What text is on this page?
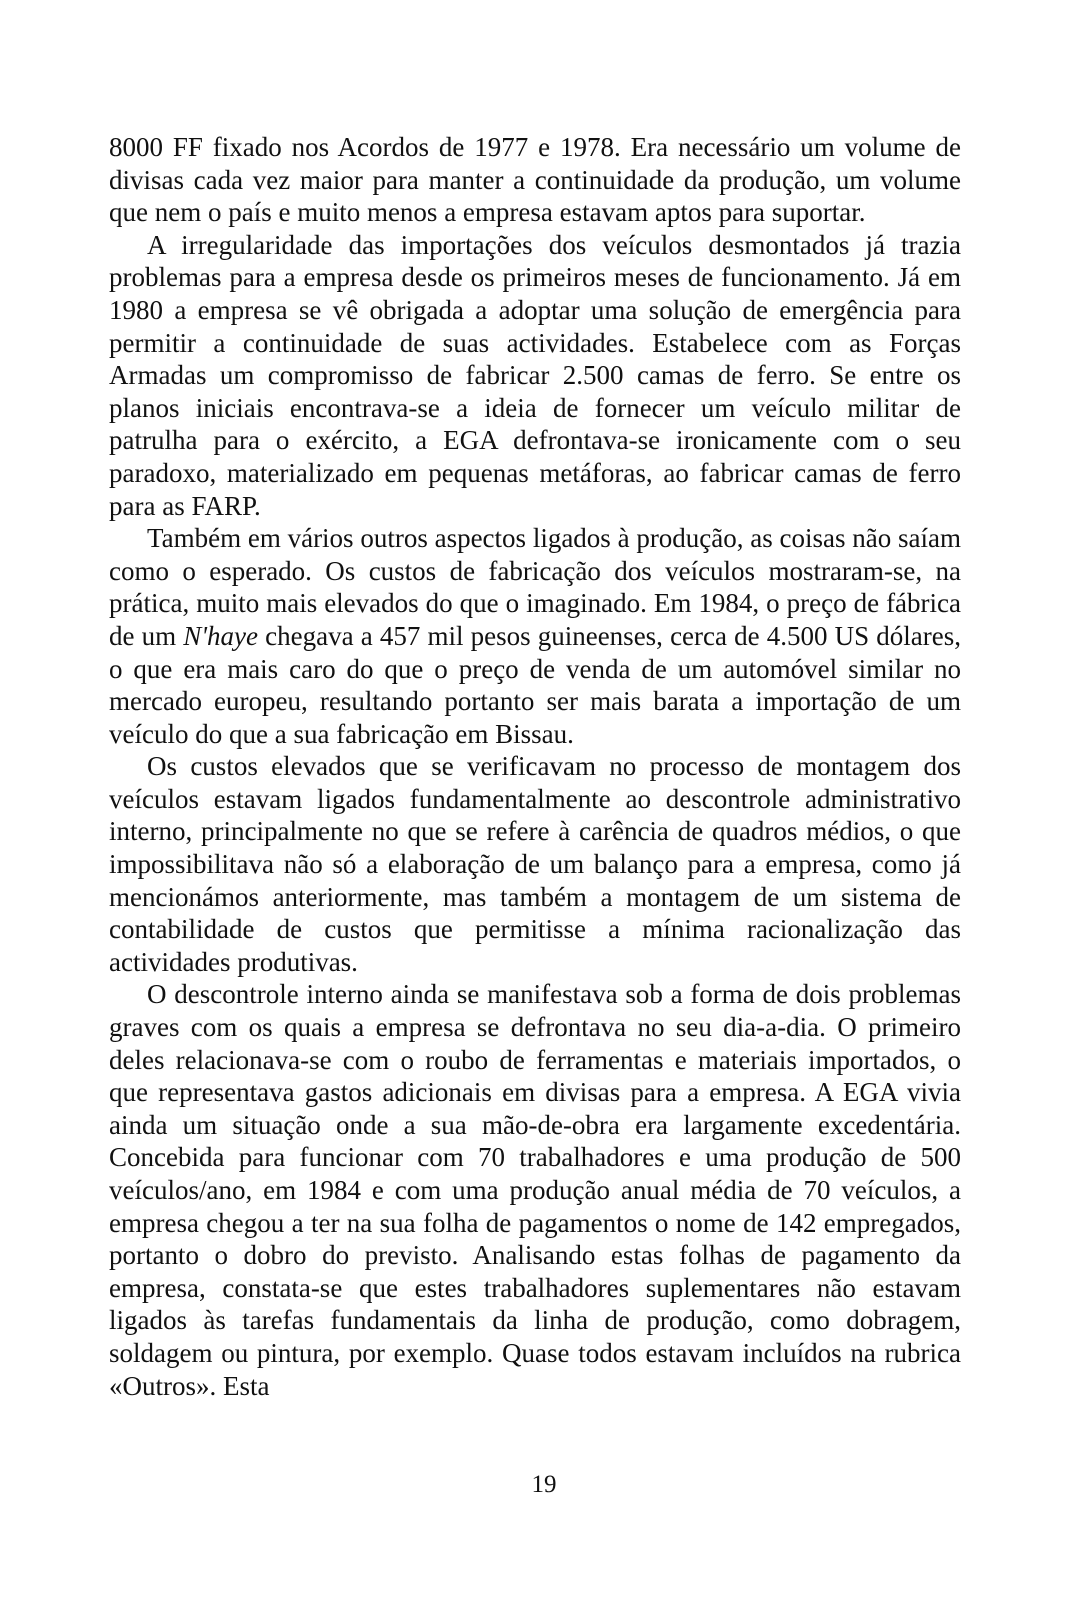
8000 FF fixado nos Acordos de 1977 e 1978. Era necessário um volume de divisas cada vez maior para manter a continuidade da produção, um volume que nem o país e muito menos a empresa estavam aptos para suportar.

A irregularidade das importações dos veículos desmontados já trazia problemas para a empresa desde os primeiros meses de funcionamento. Já em 1980 a empresa se vê obrigada a adoptar uma solução de emergência para permitir a continuidade de suas actividades. Estabelece com as Forças Armadas um compromisso de fabricar 2.500 camas de ferro. Se entre os planos iniciais encontrava-se a ideia de fornecer um veículo militar de patrulha para o exército, a EGA defrontava-se ironicamente com o seu paradoxo, materializado em pequenas metáforas, ao fabricar camas de ferro para as FARP.

Também em vários outros aspectos ligados à produção, as coisas não saíam como o esperado. Os custos de fabricação dos veículos mostraram-se, na prática, muito mais elevados do que o imaginado. Em 1984, o preço de fábrica de um N'haye chegava a 457 mil pesos guineenses, cerca de 4.500 US dólares, o que era mais caro do que o preço de venda de um automóvel similar no mercado europeu, resultando portanto ser mais barata a importação de um veículo do que a sua fabricação em Bissau.

Os custos elevados que se verificavam no processo de montagem dos veículos estavam ligados fundamentalmente ao descontrole administrativo interno, principalmente no que se refere à carência de quadros médios, o que impossibilitava não só a elaboração de um balanço para a empresa, como já mencionámos anteriormente, mas também a montagem de um sistema de contabilidade de custos que permitisse a mínima racionalização das actividades produtivas.

O descontrole interno ainda se manifestava sob a forma de dois problemas graves com os quais a empresa se defrontava no seu dia-a-dia. O primeiro deles relacionava-se com o roubo de ferramentas e materiais importados, o que representava gastos adicionais em divisas para a empresa. A EGA vivia ainda um situação onde a sua mão-de-obra era largamente excedentária. Concebida para funcionar com 70 trabalhadores e uma produção de 500 veículos/ano, em 1984 e com uma produção anual média de 70 veículos, a empresa chegou a ter na sua folha de pagamentos o nome de 142 empregados, portanto o dobro do previsto. Analisando estas folhas de pagamento da empresa, constata-se que estes trabalhadores suplementares não estavam ligados às tarefas fundamentais da linha de produção, como dobragem, soldagem ou pintura, por exemplo. Quase todos estavam incluídos na rubrica «Outros». Esta

19
